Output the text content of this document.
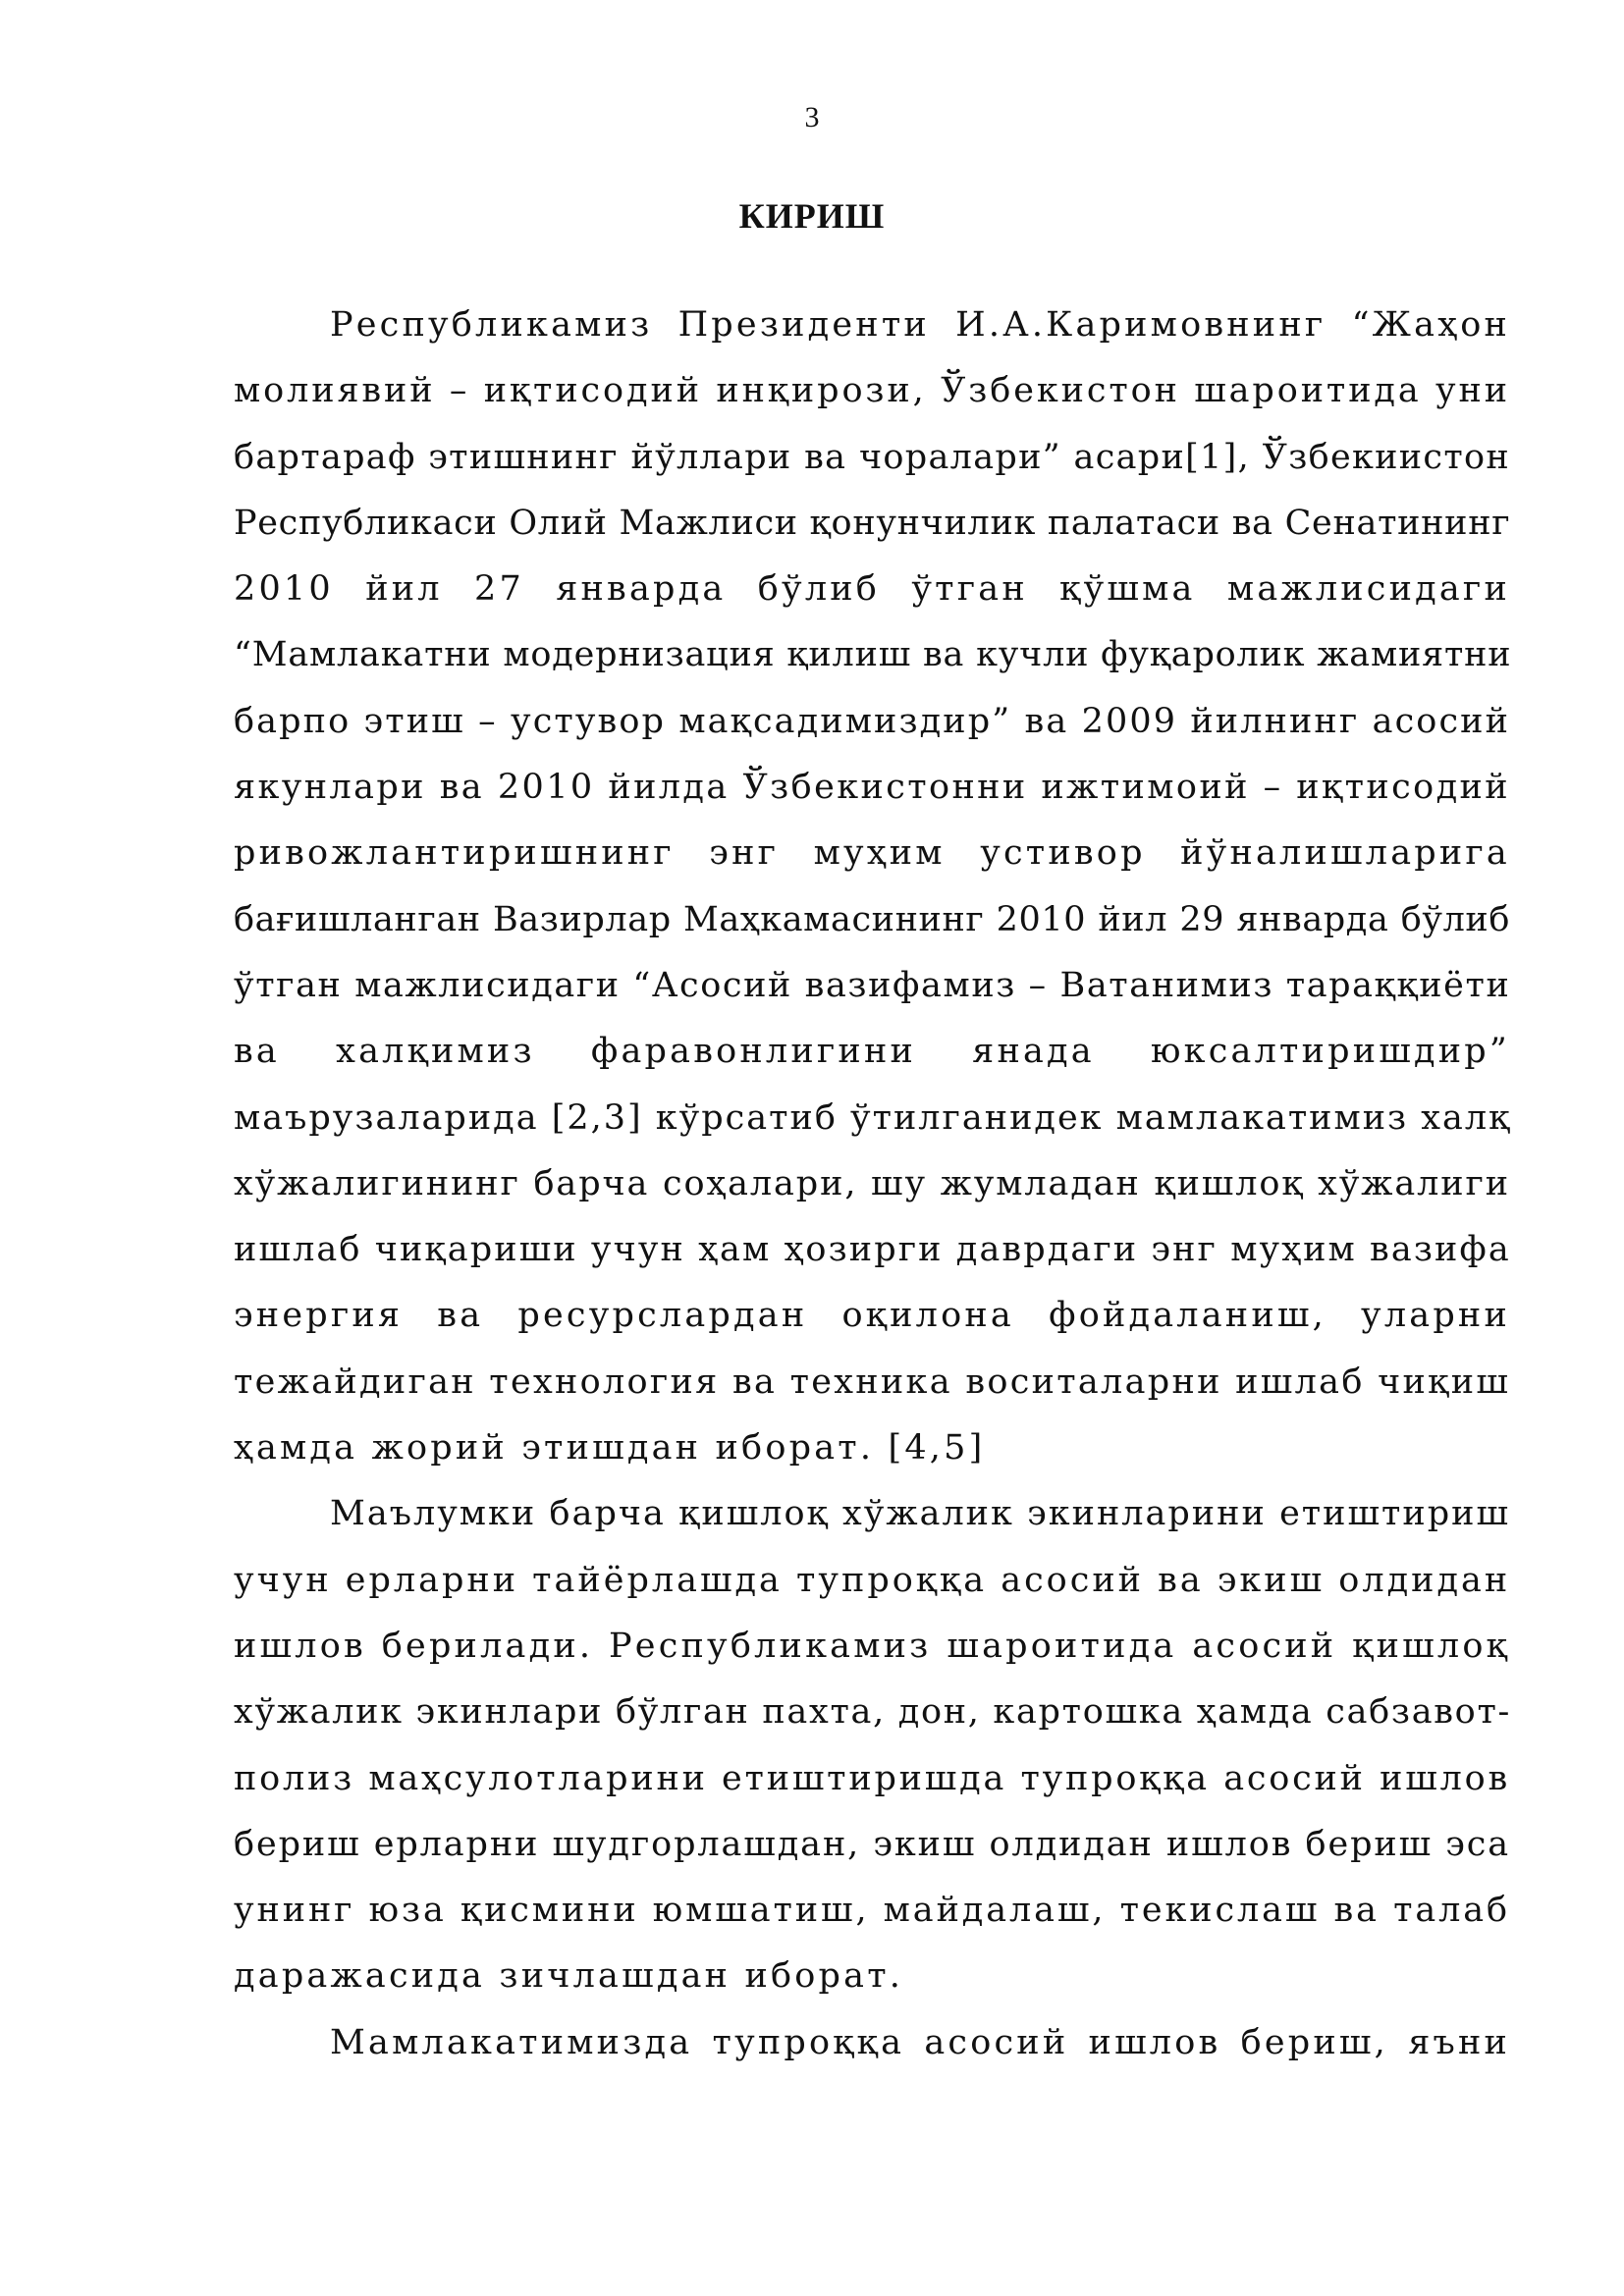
3
КИРИШ
Республикамиз Президенти И.А.Каримовнинг “Жаҳон
молиявий – иқтисодий инқирози, Ўзбекистон шароитида уни
бартараф этишнинг йўллари ва чоралари” асари[1], Ўзбекиистон
Республикаси Олий Мажлиси қонунчилик палатаси ва Сенатининг
2010 йил 27 январда бўлиб ўтган қўшма мажлисидаги
“Мамлакатни модернизация қилиш ва кучли фуқаролик жамиятни
барпо этиш – устувор мақсадимиздир” ва 2009 йилнинг асосий
якунлари ва 2010 йилда Ўзбекистонни ижтимоий – иқтисодий
ривожлантиришнинг энг муҳим устивор йўналишларига
бағишланган Вазирлар Маҳкамасининг 2010 йил 29 январда бўлиб
ўтган мажлисидаги “Асосий вазифамиз – Ватанимиз тараққиёти
ва халқимиз фаравонлигини янада юксалтиришдир”
маърузаларида [2,3] кўрсатиб ўтилганидек мамлакатимиз халқ
хўжалигининг барча соҳалари, шу жумладан қишлоқ хўжалиги
ишлаб чиқариши учун ҳам ҳозирги даврдаги энг муҳим вазифа
энергия ва ресурслардан оқилона фойдаланиш, уларни
тежайдиган технология ва техника воситаларни ишлаб чиқиш
ҳамда жорий этишдан иборат. [4,5]
Маълумки барча қишлоқ хўжалик экинларини етиштириш
учун ерларни тайёрлашда тупроққа асосий ва экиш олдидан
ишлов берилади. Республикамиз шароитида асосий қишлоқ
хўжалик экинлари бўлган пахта, дон, картошка ҳамда сабзавот-
полиз маҳсулотларини етиштиришда тупроққа асосий ишлов
бериш ерларни шудгорлашдан, экиш олдидан ишлов бериш эса
унинг юза қисмини юмшатиш, майдалаш, текислаш ва талаб
даражасида зичлашдан иборат.
Мамлакатимизда тупроққа асосий ишлов бериш, яъни
